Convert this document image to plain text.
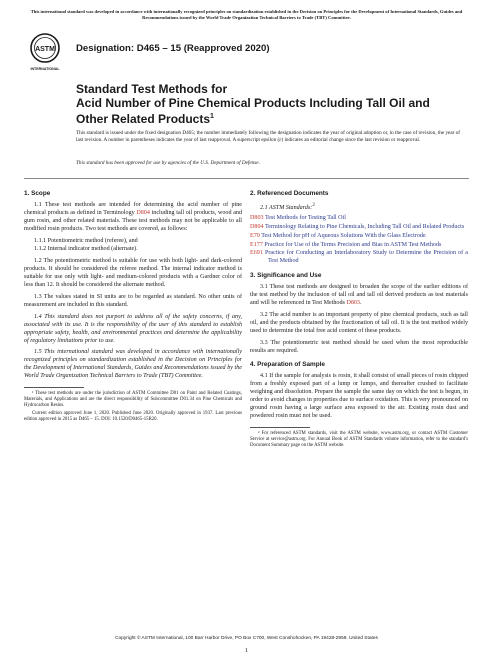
This international standard was developed in accordance with internationally recognized principles on standardization established in the Decision on Principles for the Development of International Standards, Guides and Recommendations issued by the World Trade Organization Technical Barriers to Trade (TBT) Committee.
ASTM
INTERNATIONAL
Designation: D465 – 15 (Reapproved 2020)
Standard Test Methods for
Acid Number of Pine Chemical Products Including Tall Oil and Other Related Products$^1$
This standard is issued under the fixed designation D465; the number immediately following the designation indicates the year of original adoption or, in the case of revision, the year of last revision. A number in parentheses indicates the year of last reapproval. A superscript epsilon (ε) indicates an editorial change since the last revision or reapproval.
This standard has been approved for use by agencies of the U.S. Department of Defense.
1. Scope

1.1 These test methods are intended for determining the acid number of pine chemical products as defined in Terminology D804 including tall oil products, wood and gum rosin, and other related materials. These test methods may not be applicable to all modified rosin products. Two test methods are covered, as follows:

1.1.1 Potentiometric method (referee), and
1.1.2 Internal indicator method (alternate).

1.2 The potentiometric method is suitable for use with both light- and dark-colored products. It should be considered the referee method. The internal indicator method is suitable for use only with light- and medium-colored products with a Gardner color of less than 12. It should be considered the alternate method.

1.3 The values stated in SI units are to be regarded as standard. No other units of measurement are included in this standard.

1.4 This standard does not purport to address all of the safety concerns, if any, associated with its use. It is the responsibility of the user of this standard to establish appropriate safety, health, and environmental practices and determine the applicability of regulatory limitations prior to use.

1.5 This international standard was developed in accordance with internationally recognized principles on standardization established in the Decision on Principles for the Development of International Standards, Guides and Recommendations issued by the World Trade Organization Technical Barriers to Trade (TBT) Committee.

¹ These test methods are under the jurisdiction of ASTM Committee D01 on Paint and Related Coatings, Materials, and Applications and are the direct responsibility of Subcommittee D01.34 on Pine Chemicals and Hydrocarbon Resins.

Current edition approved June 1, 2020. Published June 2020. Originally approved in 1937. Last previous edition approved in 2015 as D465 – 15. DOI: 10.1520/D0465-15R20.

2. Referenced Documents
2.1 ASTM Standards:$^2$
D803 Test Methods for Testing Tall Oil
D804 Terminology Relating to Pine Chemicals, Including Tall Oil and Related Products
E70 Test Method for pH of Aqueous Solutions With the Glass Electrode
E177 Practice for Use of the Terms Precision and Bias in ASTM Test Methods
E691 Practice for Conducting an Interlaboratory Study to Determine the Precision of a Test Method
3. Significance and Use

3.1 These test methods are designed to broaden the scope of the earlier editions of the test method by the inclusion of tall oil and tall oil derived products as test materials and will be referenced in Test Methods D803.

3.2 The acid number is an important property of pine chemical products, such as tall oil, and the products obtained by the fractionation of tall oil. It is the test method widely used to determine the total free acid content of these products.

3.3 The potentiometric test method should be used when the most reproducible results are required.

4. Preparation of Sample

4.1 If the sample for analysis is rosin, it shall consist of small pieces of rosin chipped from a freshly exposed part of a lump or lumps, and thereafter crushed to facilitate weighing and dissolution. Prepare the sample the same day on which the test is begun, in order to avoid changes in properties due to surface oxidation. This is very pronounced on ground rosin having a large surface area exposed to the air. Existing rosin dust and powdered rosin must not be used.

² For referenced ASTM standards, visit the ASTM website, www.astm.org, or contact ASTM Customer Service at service@astm.org. For Annual Book of ASTM Standards volume information, refer to the standard's Document Summary page on the ASTM website.

Copyright © ASTM International, 100 Barr Harbor Drive, PO Box C700, West Conshohocken, PA 19428-2959. United States
1
